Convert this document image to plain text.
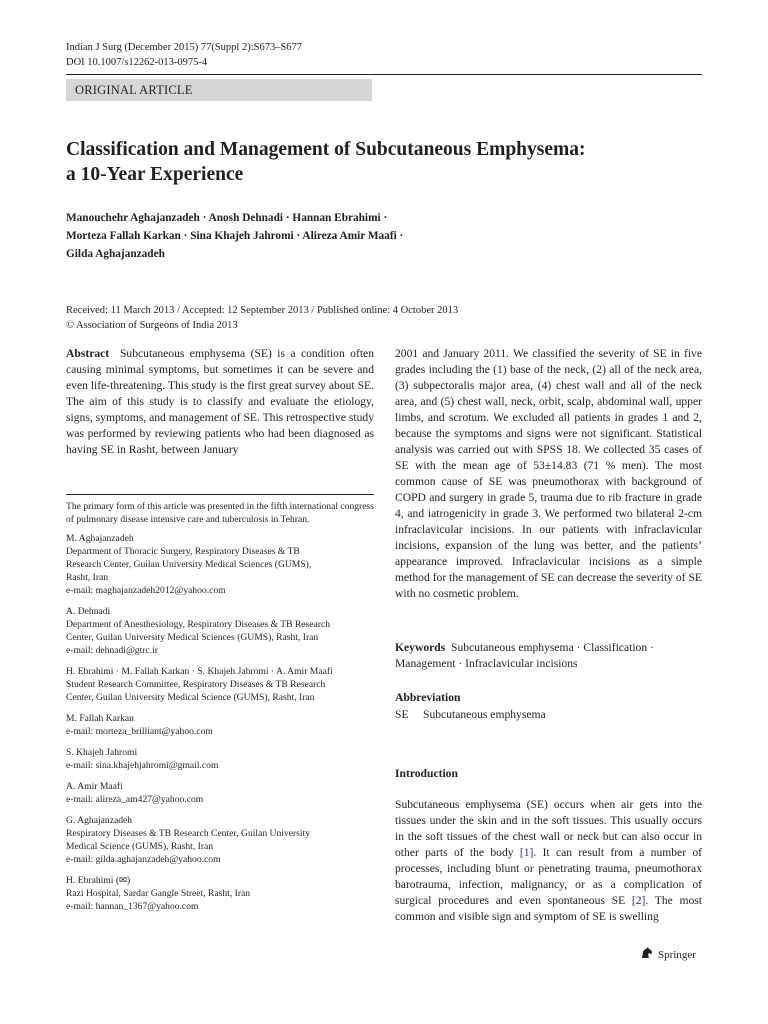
Indian J Surg (December 2015) 77(Suppl 2):S673–S677
DOI 10.1007/s12262-013-0975-4
ORIGINAL ARTICLE
Classification and Management of Subcutaneous Emphysema:
a 10-Year Experience
Manouchehr Aghajanzadeh · Anosh Dehnadi · Hannan Ebrahimi ·
Morteza Fallah Karkan · Sina Khajeh Jahromi · Alireza Amir Maafi ·
Gilda Aghajanzadeh
Received: 11 March 2013 / Accepted: 12 September 2013 / Published online: 4 October 2013
© Association of Surgeons of India 2013
Abstract Subcutaneous emphysema (SE) is a condition often causing minimal symptoms, but sometimes it can be severe and even life-threatening. This study is the first great survey about SE. The aim of this study is to classify and evaluate the etiology, signs, symptoms, and management of SE. This retrospective study was performed by reviewing patients who had been diagnosed as having SE in Rasht, between January
2001 and January 2011. We classified the severity of SE in five grades including the (1) base of the neck, (2) all of the neck area, (3) subpectoralis major area, (4) chest wall and all of the neck area, and (5) chest wall, neck, orbit, scalp, abdominal wall, upper limbs, and scrotum. We excluded all patients in grades 1 and 2, because the symptoms and signs were not significant. Statistical analysis was carried out with SPSS 18. We collected 35 cases of SE with the mean age of 53±14.83 (71 % men). The most common cause of SE was pneumothorax with background of COPD and surgery in grade 5, trauma due to rib fracture in grade 4, and iatrogenicity in grade 3. We performed two bilateral 2-cm infraclavicular incisions. In our patients with infraclavicular incisions, expansion of the lung was better, and the patients’ appearance improved. Infraclavicular incisions as a simple method for the management of SE can decrease the severity of SE with no cosmetic problem.
The primary form of this article was presented in the fifth international congress of pulmonary disease intensive care and tuberculosis in Tehran.
M. Aghajanzadeh
Department of Thoracic Surgery, Respiratory Diseases & TB
Research Center, Guilan University Medical Sciences (GUMS),
Rasht, Iran
e-mail: maghajanzadeh2012@yahoo.com
A. Dehnadi
Department of Anesthesiology, Respiratory Diseases & TB Research
Center, Guilan University Medical Sciences (GUMS), Rasht, Iran
e-mail: dehnadi@gtrc.ir
H. Ebrahimi · M. Fallah Karkan · S. Khajeh Jahromi · A. Amir Maafi
Student Research Committee, Respiratory Diseases & TB Research
Center, Guilan University Medical Science (GUMS), Rasht, Iran
M. Fallah Karkan
e-mail: morteza_brilliant@yahoo.com
S. Khajeh Jahromi
e-mail: sina.khajehjahromi@gmail.com
A. Amir Maafi
e-mail: alireza_am427@yahoo.com
G. Aghajanzadeh
Respiratory Diseases & TB Research Center, Guilan University
Medical Science (GUMS), Rasht, Iran
e-mail: gilda.aghajanzadeh@yahoo.com
H. Ebrahimi (✉)
Razi Hospital, Sardar Gangle Street, Rasht, Iran
e-mail: hannan_1367@yahoo.com
Keywords Subcutaneous emphysema · Classification · Management · Infraclavicular incisions
Abbreviation
SE Subcutaneous emphysema
Introduction
Subcutaneous emphysema (SE) occurs when air gets into the tissues under the skin and in the soft tissues. This usually occurs in the soft tissues of the chest wall or neck but can also occur in other parts of the body [1]. It can result from a number of processes, including blunt or penetrating trauma, pneumothorax barotrauma, infection, malignancy, or as a complication of surgical procedures and even spontaneous SE [2]. The most common and visible sign and symptom of SE is swelling
Springer
